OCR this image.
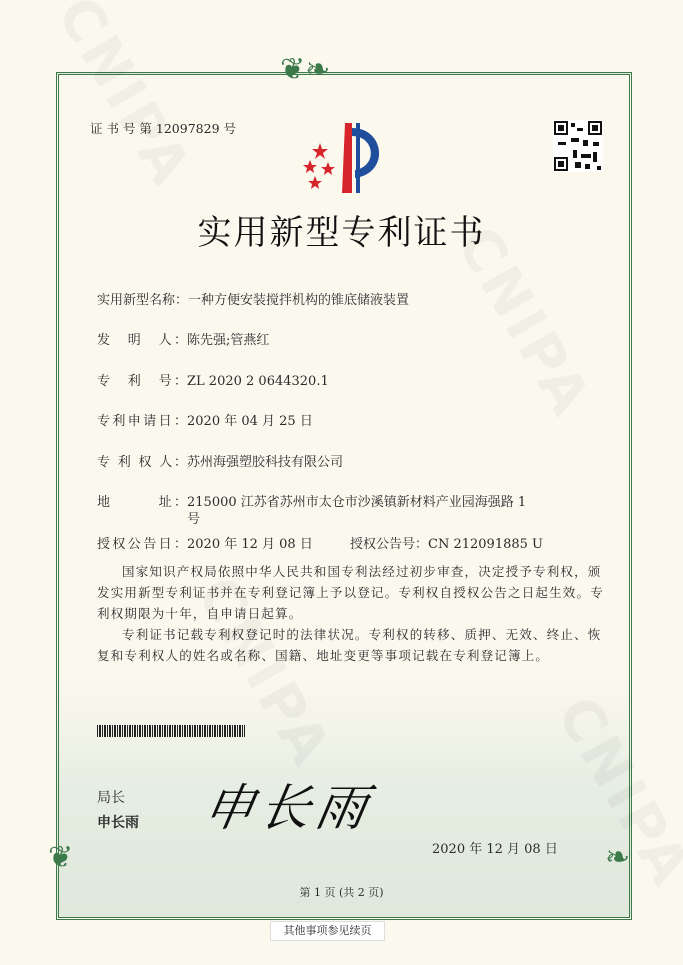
❦❧
❦	❧
证 书 号 第 12097829 号
实用新型专利证书
实用新型名称：一种方便安装搅拌机构的锥底储液装置
发　明　人：陈先强;管燕红
专　利　号：ZL 2020 2 0644320.1
专利申请日：2020 年 04 月 25 日
专 利 权 人：苏州海强塑胶科技有限公司
地　　　址：215000 江苏省苏州市太仓市沙溪镇新材料产业园海强路 1
号
授权公告日：2020 年 12 月 08 日	授权公告号：CN 212091885 U
国家知识产权局依照中华人民共和国专利法经过初步审查，决定授予专利权，颁发实用新型专利证书并在专利登记簿上予以登记。专利权自授权公告之日起生效。专利权期限为十年，自申请日起算。
专利证书记载专利权登记时的法律状况。专利权的转移、质押、无效、终止、恢复和专利权人的姓名或名称、国籍、地址变更等事项记载在专利登记簿上。
局长
申长雨 申长雨
2020 年 12 月 08 日
第 1 页 (共 2 页)
其他事项参见续页
